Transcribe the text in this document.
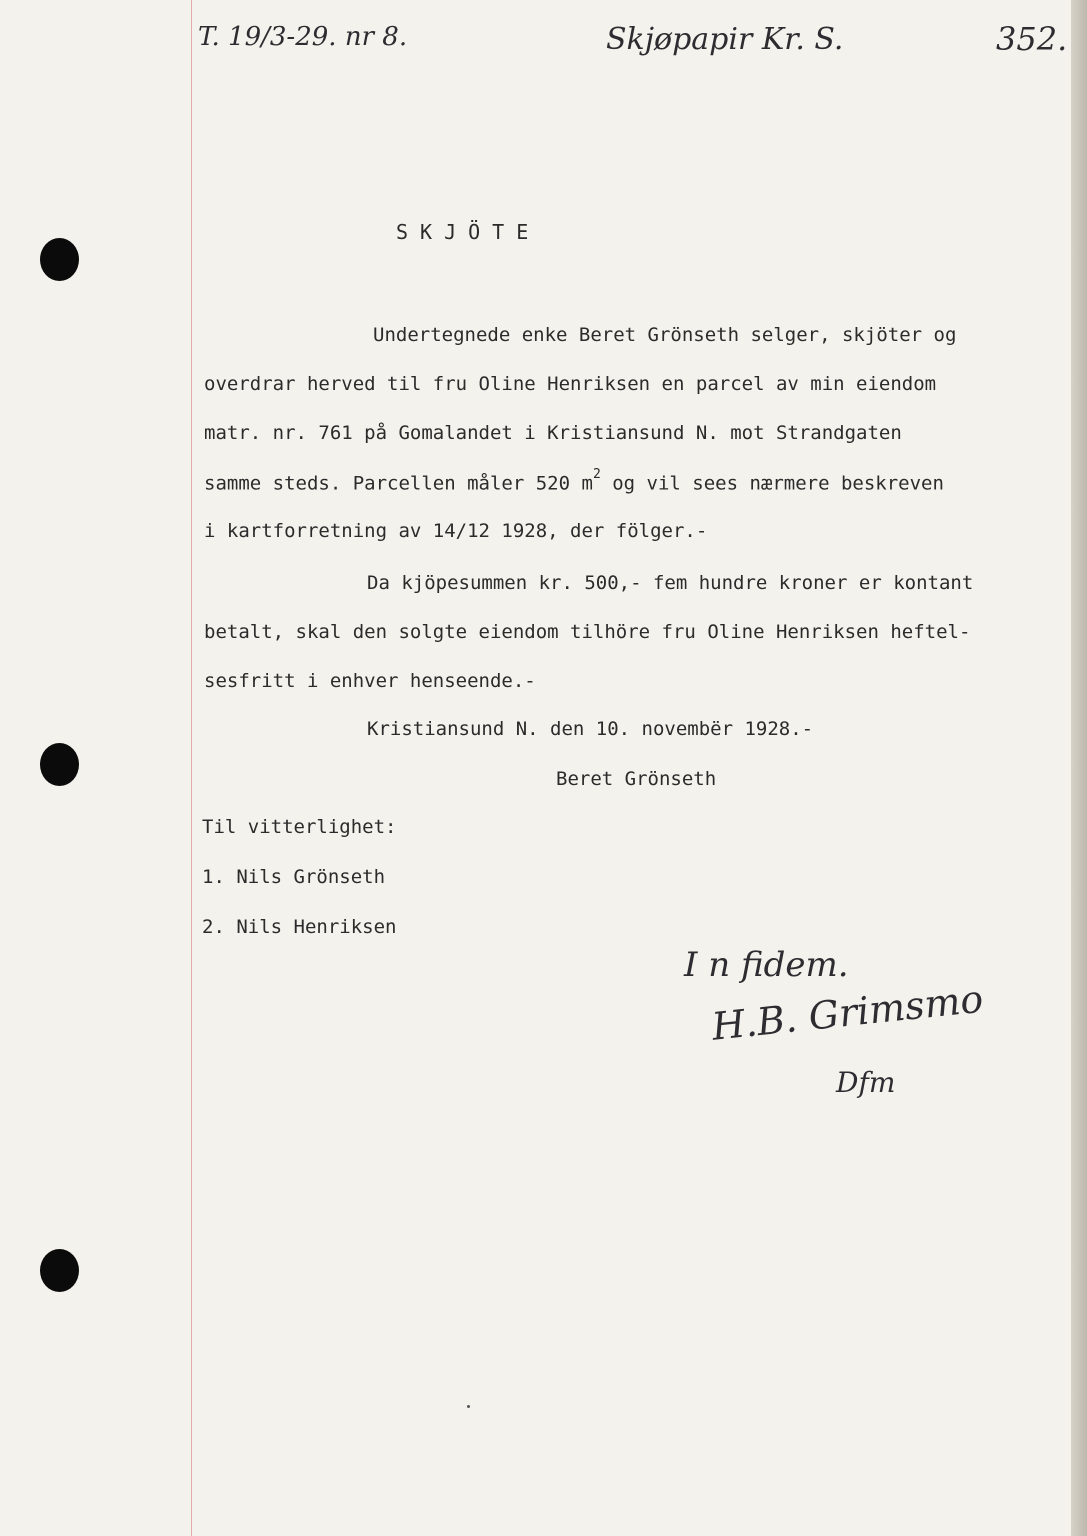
T. 19/3-29. nr 8.	Skjøpapir Kr. S.	352.
SKJÖTE
Undertegnede enke Beret Grönseth selger, skjöter og
overdrar herved til fru Oline Henriksen en parcel av min eiendom
matr. nr. 761 på Gomalandet i Kristiansund N. mot Strandgaten
samme steds. Parcellen måler 520 $m^2$ og vil sees nærmere beskreven
i kartforretning av 14/12 1928, der fölger.-
Da kjöpesummen kr. 500,- fem hundre kroner er kontant
betalt, skal den solgte eiendom tilhöre fru Oline Henriksen heftel-
sesfritt i enhver henseende.-
Kristiansund N. den 10. novembër 1928.-
Beret Grönseth
Til vitterlighet:
1. Nils Grönseth
2. Nils Henriksen
I n fidem.
H.B. Grimsmo
Dfm
